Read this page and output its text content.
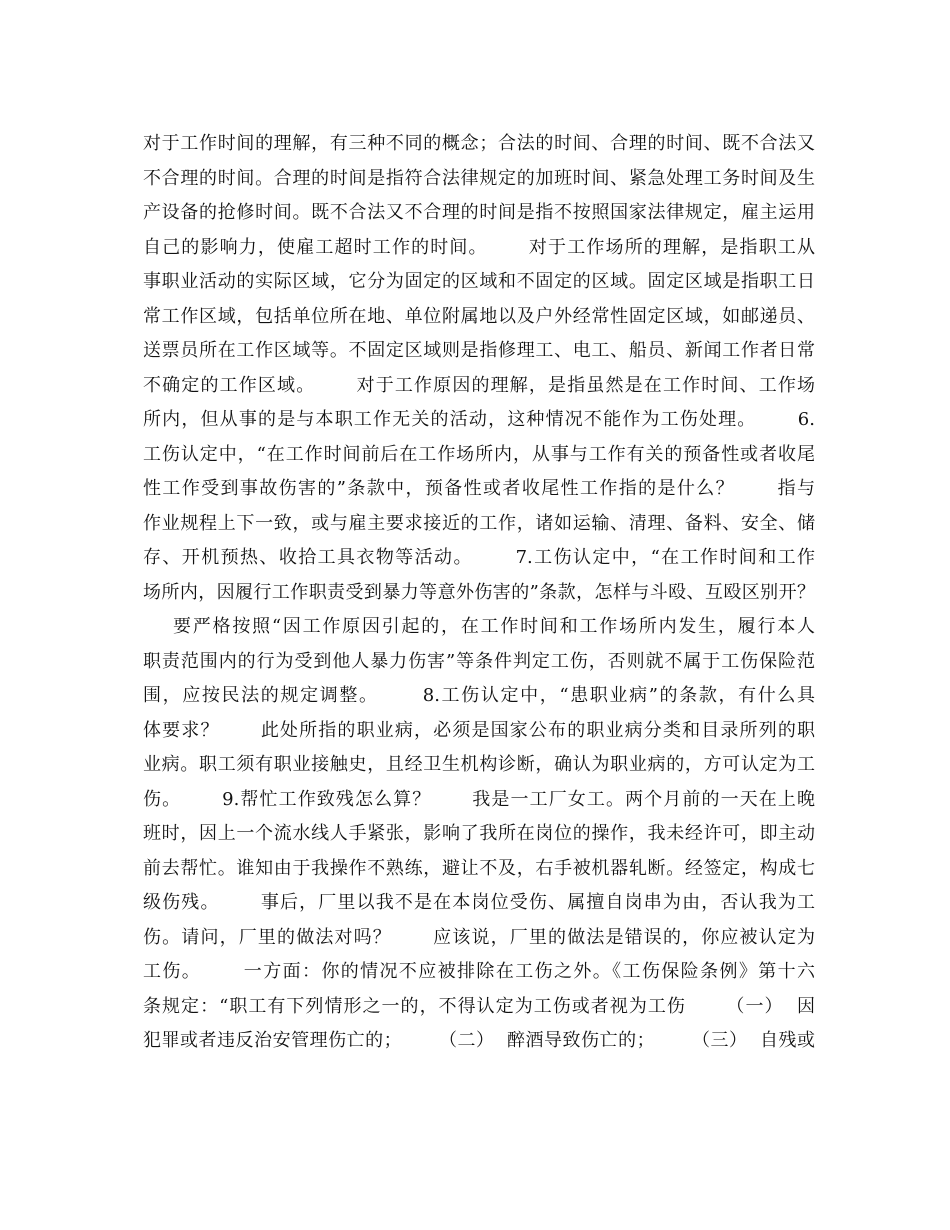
对于工作时间的理解，有三种不同的概念；合法的时间、合理的时间、既不合法又
不合理的时间。合理的时间是指符合法律规定的加班时间、紧急处理工务时间及生
产设备的抢修时间。既不合法又不合理的时间是指不按照国家法律规定，雇主运用
自己的影响力，使雇工超时工作的时间。      对于工作场所的理解，是指职工从
事职业活动的实际区域，它分为固定的区域和不固定的区域。固定区域是指职工日
常工作区域，包括单位所在地、单位附属地以及户外经常性固定区域，如邮递员、
送票员所在工作区域等。不固定区域则是指修理工、电工、船员、新闻工作者日常
不确定的工作区域。      对于工作原因的理解，是指虽然是在工作时间、工作场
所内，但从事的是与本职工作无关的活动，这种情况不能作为工伤处理。      6.
工伤认定中，“在工作时间前后在工作场所内，从事与工作有关的预备性或者收尾
性工作受到事故伤害的”条款中，预备性或者收尾性工作指的是什么？      指与
作业规程上下一致，或与雇主要求接近的工作，诸如运输、清理、备料、安全、储
存、开机预热、收拾工具衣物等活动。      7.工伤认定中，“在工作时间和工作
场所内，因履行工作职责受到暴力等意外伤害的”条款，怎样与斗殴、互殴区别开？
要严格按照“因工作原因引起的，在工作时间和工作场所内发生，履行本人
职责范围内的行为受到他人暴力伤害”等条件判定工伤，否则就不属于工伤保险范
围，应按民法的规定调整。      8.工伤认定中，“患职业病”的条款，有什么具
体要求？      此处所指的职业病，必须是国家公布的职业病分类和目录所列的职
业病。职工须有职业接触史，且经卫生机构诊断，确认为职业病的，方可认定为工
伤。      9.帮忙工作致残怎么算？      我是一工厂女工。两个月前的一天在上晚
班时，因上一个流水线人手紧张，影响了我所在岗位的操作，我未经许可，即主动
前去帮忙。谁知由于我操作不熟练，避让不及，右手被机器轧断。经签定，构成七
级伤残。      事后，厂里以我不是在本岗位受伤、属擅自岗串为由，否认我为工
伤。请问，厂里的做法对吗？      应该说，厂里的做法是错误的，你应被认定为
工伤。      一方面：你的情况不应被排除在工伤之外。《工伤保险条例》第十六
条规定：“职工有下列情形之一的，不得认定为工伤或者视为工伤      （一）  因
犯罪或者违反治安管理伤亡的；      （二）  醉酒导致伤亡的；      （三）  自残或
